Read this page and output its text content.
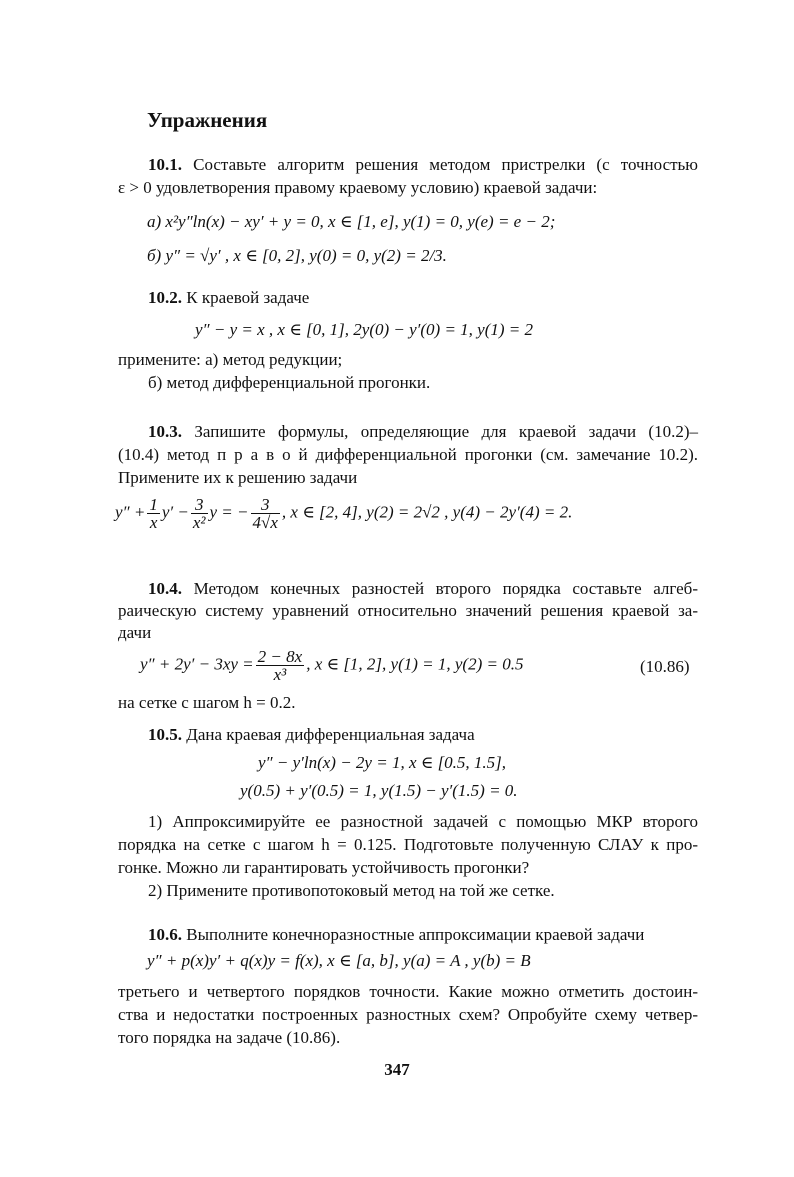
Упражнения
10.1. Составьте алгоритм решения методом пристрелки (с точностью
ε > 0 удовлетворения правому краевому условию) краевой задачи:
а) x²y″ln(x) − xy′ + y = 0, x ∈ [1, e], y(1) = 0, y(e) = e − 2;
б) y″ = √y′ , x ∈ [0, 2], y(0) = 0, y(2) = 2/3.
10.2. К краевой задаче
y″ − y = x , x ∈ [0, 1], 2y(0) − y′(0) = 1, y(1) = 2
примените: а) метод редукции;
б) метод дифференциальной прогонки.
10.3. Запишите формулы, определяющие для краевой задачи (10.2)–
(10.4) метод п р а в о й дифференциальной прогонки (см. замечание 10.2).
Примените их к решению задачи
$y'' + \frac{1}{x} y' - \frac{3}{\text{x²}}$ y = − $\frac{3}{4√x}$ , x ∈ [2, 4], y(2) = 2√2 , y(4) − 2y′(4) = 2.
10.4. Методом конечных разностей второго порядка составьте алгеб-
раическую систему уравнений относительно значений решения краевой за-
дачи
$y'' + 2y' - 3xy = \frac{2 - 8x}{\text{x³}}$ , x ∈ [1, 2], y(1) = 1, y(2) = 0.5	(10.86)
на сетке с шагом h = 0.2.
10.5. Дана краевая дифференциальная задача
y″ − y′ln(x) − 2y = 1, x ∈ [0.5, 1.5],
y(0.5) + y′(0.5) = 1, y(1.5) − y′(1.5) = 0.
1) Аппроксимируйте ее разностной задачей с помощью МКР второго
порядка на сетке с шагом h = 0.125. Подготовьте полученную СЛАУ к про-
гонке. Можно ли гарантировать устойчивость прогонки?
2) Примените противопотоковый метод на той же сетке.
10.6. Выполните конечноразностные аппроксимации краевой задачи
y″ + p(x)y′ + q(x)y = f(x), x ∈ [a, b], y(a) = A , y(b) = B
третьего и четвертого порядков точности. Какие можно отметить достоин-
ства и недостатки построенных разностных схем? Опробуйте схему четвер-
того порядка на задаче (10.86).
347
